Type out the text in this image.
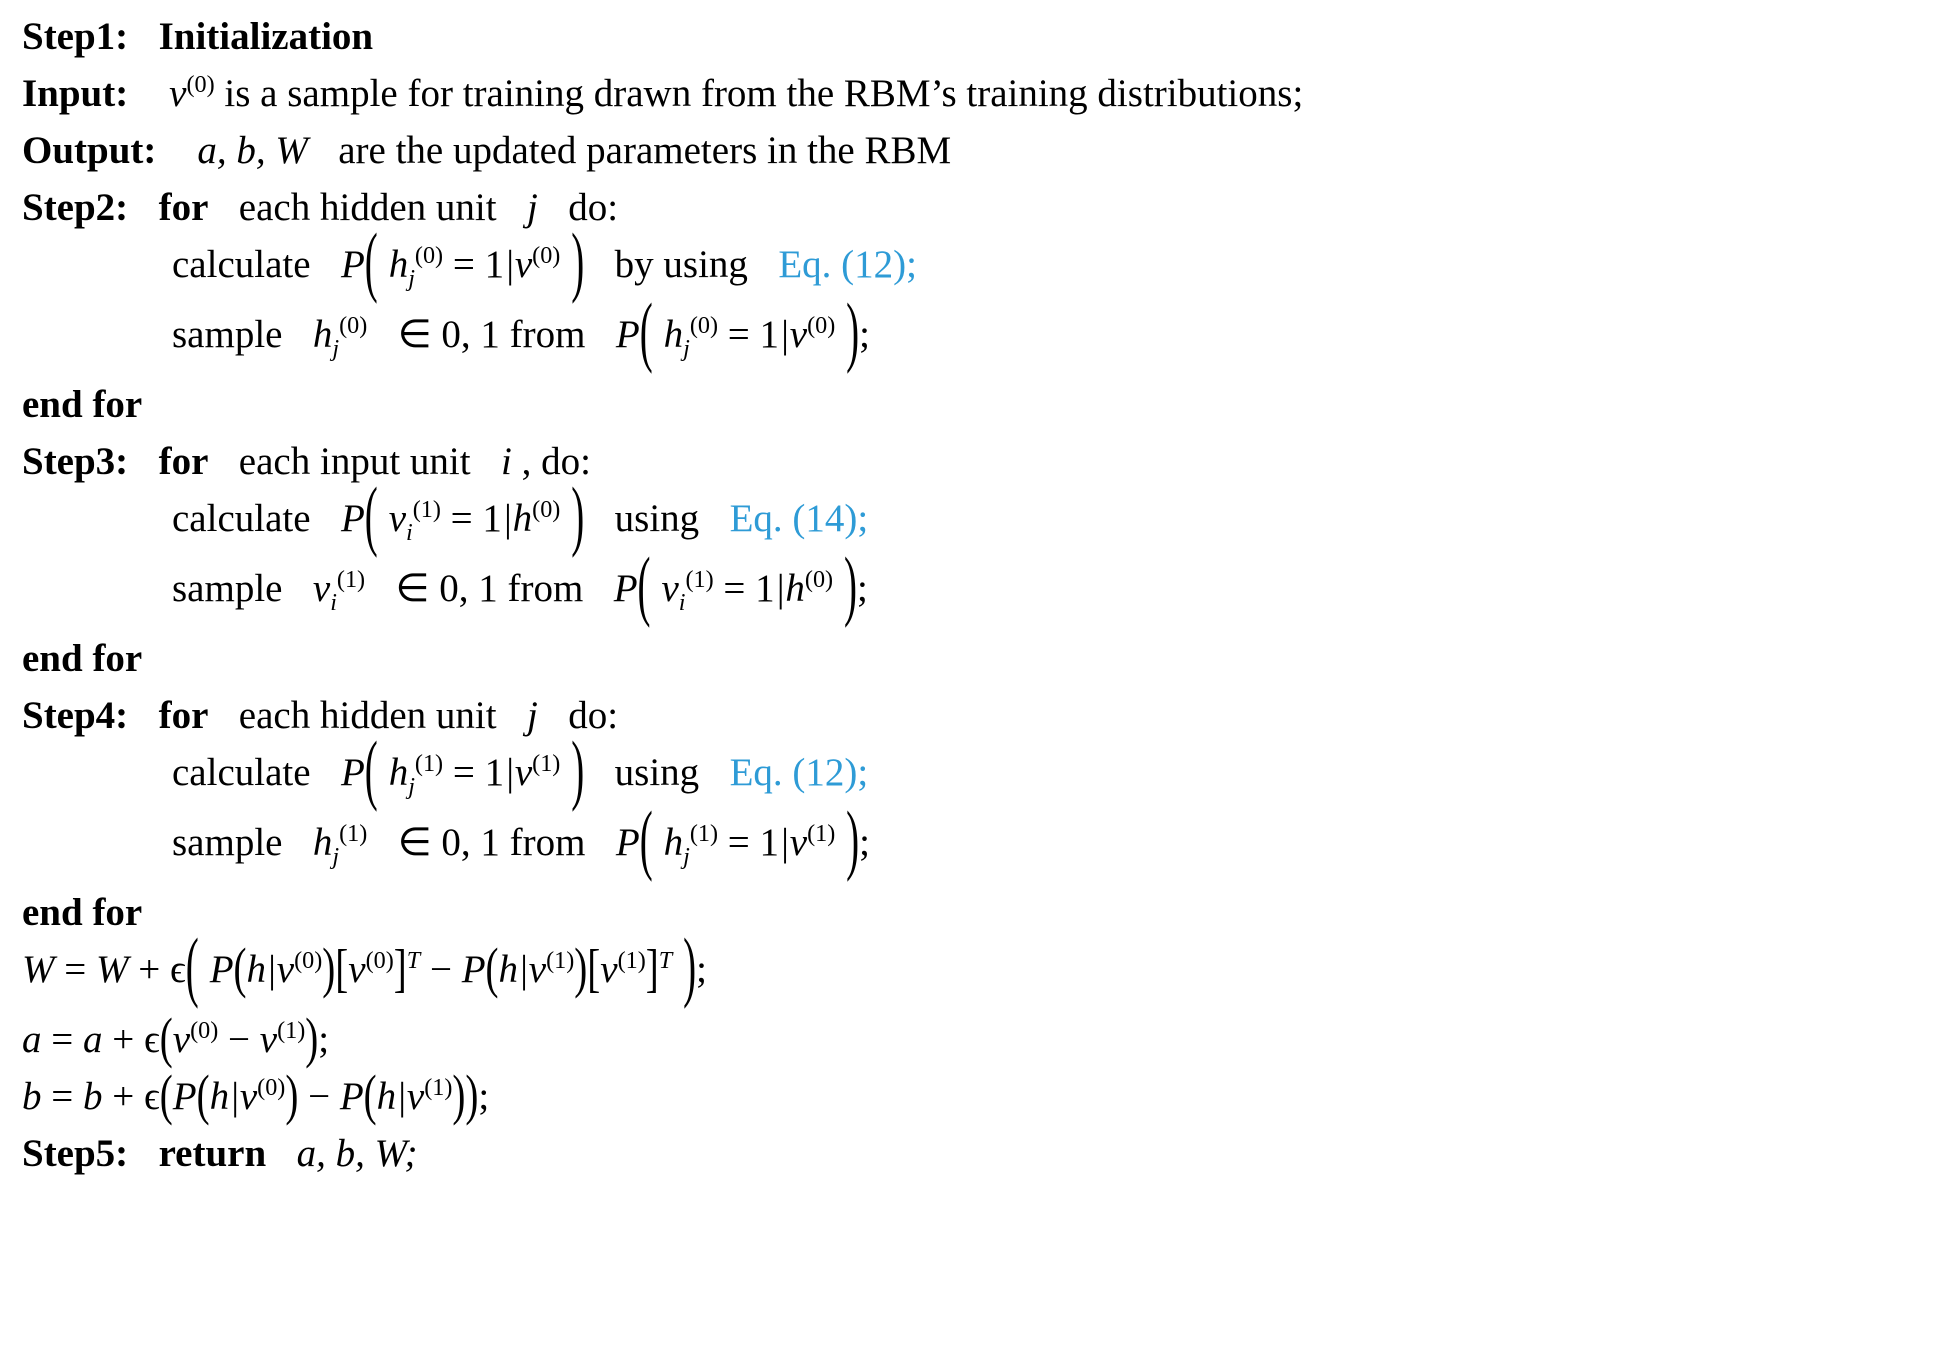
Step1: Initialization
Input: $v^{(0)}$ is a sample for training drawn from the RBM’s training distributions;
Output: a, b, W are the updated parameters in the RBM
Step2: for each hidden unit j do:
calculate P( $h_j^{(0)} = 1|v^{(0)}$ ) by using Eq. (12);
sample $h_j^{(0)}$ ∈ 0, 1 from P( $h_j^{(0)} = 1|v^{(0)}$ );
end for
Step3: for each input unit i , do:
calculate P( $v_i^{(1)} = 1|h^{(0)}$ ) using Eq. (14);
sample $v_i^{(1)}$ ∈ 0, 1 from P( $v_i^{(1)} = 1|h^{(0)}$ );
end for
Step4: for each hidden unit j do:
calculate P( $h_j^{(1)} = 1|v^{(1)}$ ) using Eq. (12);
sample $h_j^{(1)}$ ∈ 0, 1 from P( $h_j^{(1)} = 1|v^{(1)}$ );
end for
W = W + ϵ( $P(h|v^{(0)})[v^{(0)}]^T - P(h|v^{(1)})[v^{(1)}]^T$ );
$a = a + \epsilon(v^{(0)} - v^{(1)})$;
$b = b + \epsilon(P(h|v^{(0)}) - P(h|v^{(1)}))$;
Step5: return a, b, W;
